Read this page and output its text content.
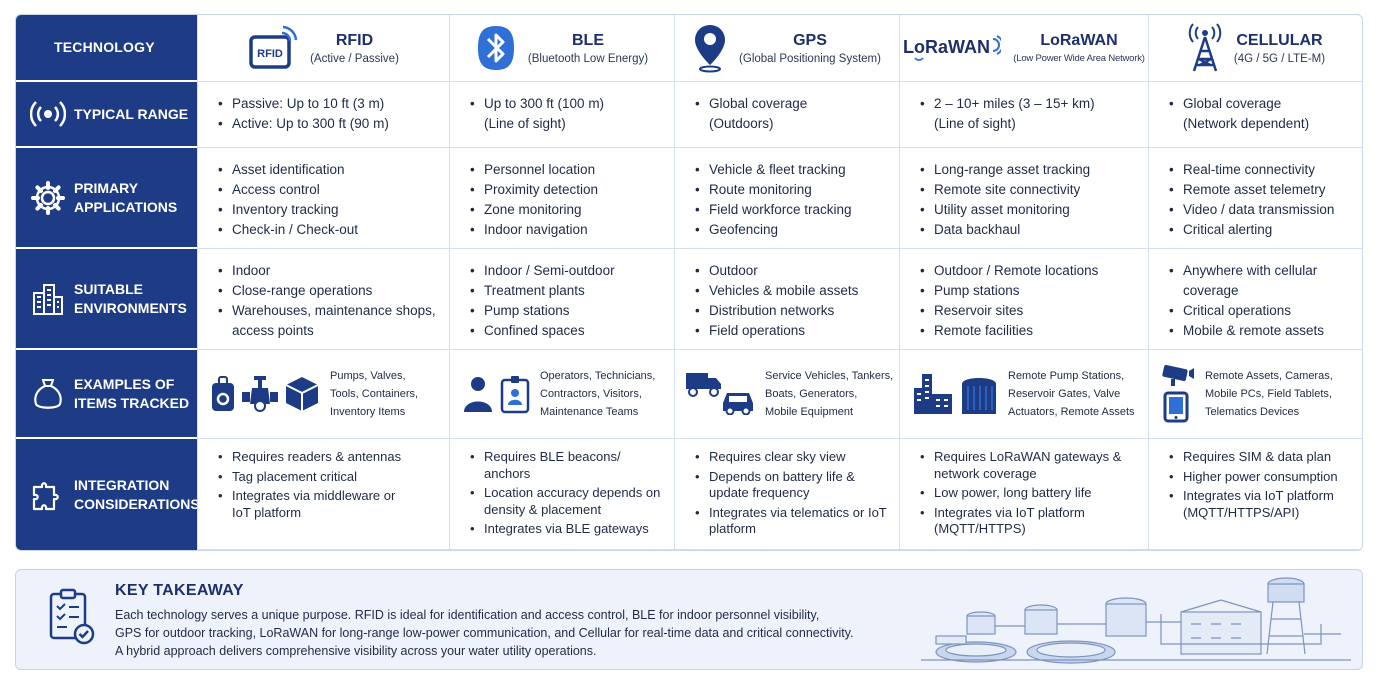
TECHNOLOGY	RFID
RFID
(Active / Passive)
BLE
(Bluetooth Low Energy)
GPS
(Global Positioning System)
LoRaWAN	LoRaWAN
(Low Power Wide Area Network)
CELLULAR
(4G / 5G / LTE-M)
TYPICAL RANGE
• Passive: Up to 10 ft (3 m)
• Active: Up to 300 ft (90 m)
• Up to 300 ft (100 m)
(Line of sight)
• Global coverage
(Outdoors)
• 2 – 10+ miles (3 – 15+ km)
(Line of sight)
• Global coverage
(Network dependent)
PRIMARY APPLICATIONS
• Asset identification
• Access control
• Inventory tracking
• Check-in / Check-out
• Personnel location
• Proximity detection
• Zone monitoring
• Indoor navigation
• Vehicle & fleet tracking
• Route monitoring
• Field workforce tracking
• Geofencing
• Long-range asset tracking
• Remote site connectivity
• Utility asset monitoring
• Data backhaul
• Real-time connectivity
• Remote asset telemetry
• Video / data transmission
• Critical alerting
SUITABLE ENVIRONMENTS
• Indoor
• Close-range operations
• Warehouses, maintenance shops, access points
• Indoor / Semi-outdoor
• Treatment plants
• Pump stations
• Confined spaces
• Outdoor
• Vehicles & mobile assets
• Distribution networks
• Field operations
• Outdoor / Remote locations
• Pump stations
• Reservoir sites
• Remote facilities
• Anywhere with cellular coverage
• Critical operations
• Mobile & remote assets
EXAMPLES OF ITEMS TRACKED
Pumps, Valves,
Tools, Containers,
Inventory Items
Operators, Technicians,
Contractors, Visitors,
Maintenance Teams
Service Vehicles, Tankers,
Boats, Generators,
Mobile Equipment
Remote Pump Stations,
Reservoir Gates, Valve
Actuators, Remote Assets
Remote Assets, Cameras,
Mobile PCs, Field Tablets,
Telematics Devices
INTEGRATION CONSIDERATIONS
• Requires readers & antennas
• Tag placement critical
• Integrates via middleware or IoT platform
• Requires BLE beacons/ anchors
• Location accuracy depends on density & placement
• Integrates via BLE gateways
• Requires clear sky view
• Depends on battery life & update frequency
• Integrates via telematics or IoT platform
• Requires LoRaWAN gateways & network coverage
• Low power, long battery life
• Integrates via IoT platform (MQTT/HTTPS)
• Requires SIM & data plan
• Higher power consumption
• Integrates via IoT platform (MQTT/HTTPS/API)
KEY TAKEAWAY
Each technology serves a unique purpose. RFID is ideal for identification and access control, BLE for indoor personnel visibility,
GPS for outdoor tracking, LoRaWAN for long-range low-power communication, and Cellular for real-time data and critical connectivity.
A hybrid approach delivers comprehensive visibility across your water utility operations.
